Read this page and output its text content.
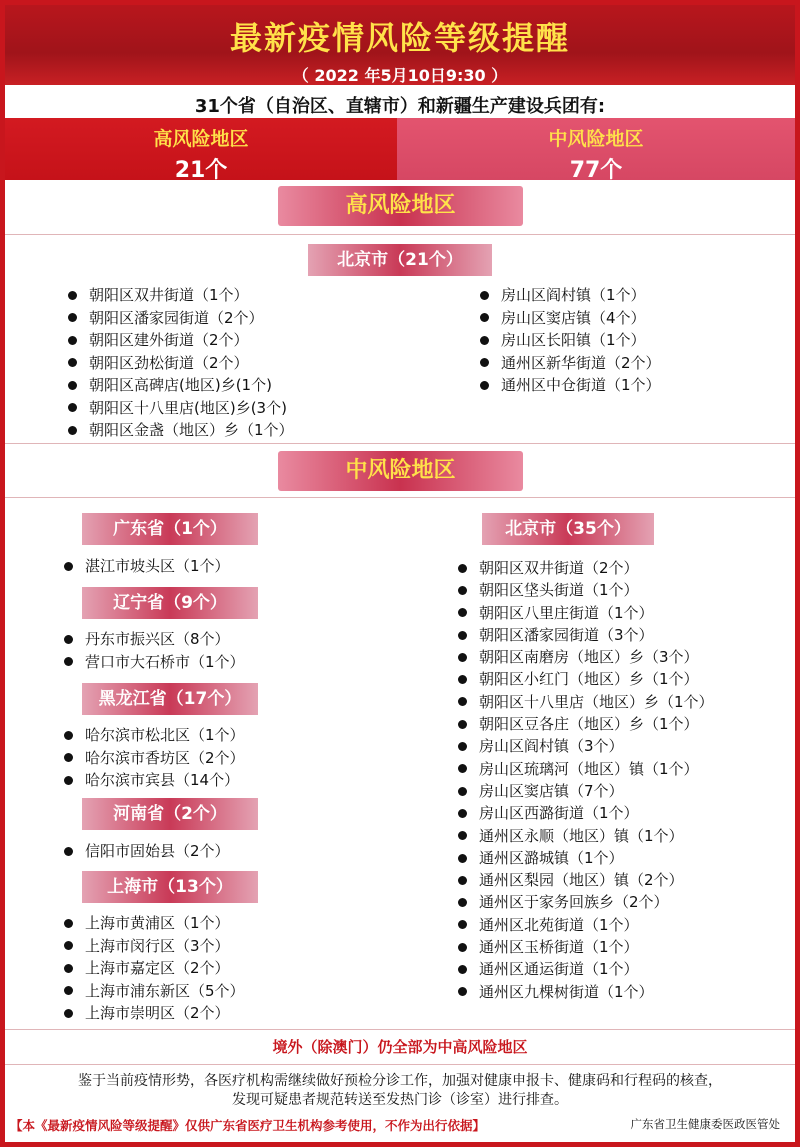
最新疫情风险等级提醒
（ 2022 年5月10日9:30 ）
31个省（自治区、直辖市）和新疆生产建设兵团有:
高风险地区
21个
中风险地区
77个
高风险地区
北京市（21个）
朝阳区双井街道（1个）
朝阳区潘家园街道（2个）
朝阳区建外街道（2个）
朝阳区劲松街道（2个）
朝阳区高碑店(地区)乡(1个)
朝阳区十八里店(地区)乡(3个)
朝阳区金盏（地区）乡（1个）
房山区阎村镇（1个）
房山区窦店镇（4个）
房山区长阳镇（1个）
通州区新华街道（2个）
通州区中仓街道（1个）
中风险地区
广东省（1个）
湛江市坡头区（1个）
辽宁省（9个）
丹东市振兴区（8个）
营口市大石桥市（1个）
黑龙江省（17个）
哈尔滨市松北区（1个）
哈尔滨市香坊区（2个）
哈尔滨市宾县（14个）
河南省（2个）
信阳市固始县（2个）
上海市（13个）
上海市黄浦区（1个）
上海市闵行区（3个）
上海市嘉定区（2个）
上海市浦东新区（5个）
上海市崇明区（2个）
北京市（35个）
朝阳区双井街道（2个）
朝阳区垡头街道（1个）
朝阳区八里庄街道（1个）
朝阳区潘家园街道（3个）
朝阳区南磨房（地区）乡（3个）
朝阳区小红门（地区）乡（1个）
朝阳区十八里店（地区）乡（1个）
朝阳区豆各庄（地区）乡（1个）
房山区阎村镇（3个）
房山区琉璃河（地区）镇（1个）
房山区窦店镇（7个）
房山区西潞街道（1个）
通州区永顺（地区）镇（1个）
通州区潞城镇（1个）
通州区梨园（地区）镇（2个）
通州区于家务回族乡（2个）
通州区北苑街道（1个）
通州区玉桥街道（1个）
通州区通运街道（1个）
通州区九棵树街道（1个）
境外（除澳门）仍全部为中高风险地区
鉴于当前疫情形势，各医疗机构需继续做好预检分诊工作，加强对健康申报卡、健康码和行程码的核查，
发现可疑患者规范转送至发热门诊（诊室）进行排查。
【本《最新疫情风险等级提醒》仅供广东省医疗卫生机构参考使用，不作为出行依据】	广东省卫生健康委医政医管处
